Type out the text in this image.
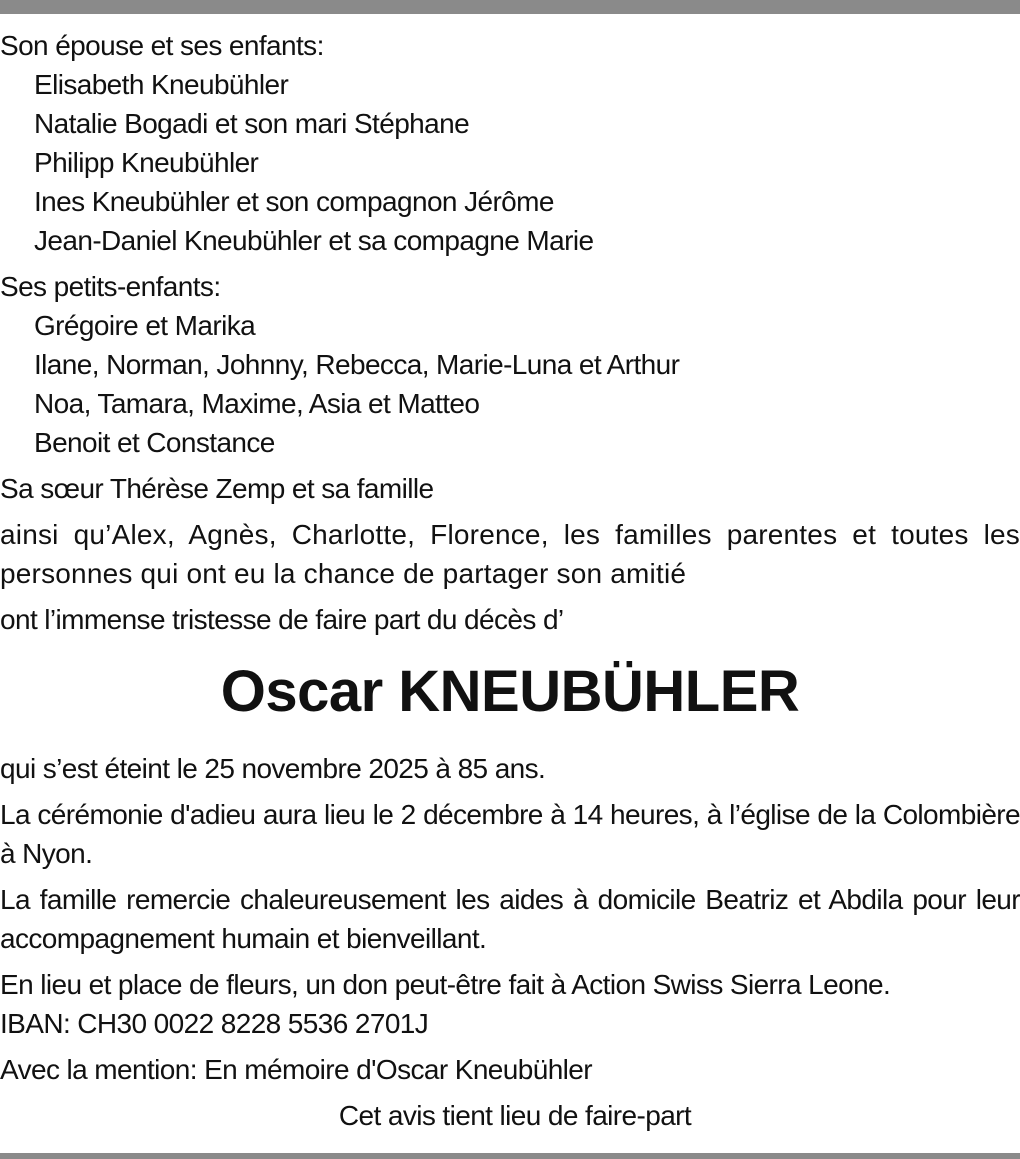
Son épouse et ses enfants:
Elisabeth Kneubühler
Natalie Bogadi et son mari Stéphane
Philipp Kneubühler
Ines Kneubühler et son compagnon Jérôme
Jean-Daniel Kneubühler et sa compagne Marie
Ses petits-enfants:
Grégoire et Marika
Ilane, Norman, Johnny, Rebecca, Marie-Luna et Arthur
Noa, Tamara, Maxime, Asia et Matteo
Benoit et Constance
Sa sœur Thérèse Zemp et sa famille
ainsi qu’Alex, Agnès, Charlotte, Florence, les familles parentes et toutes les personnes qui ont eu la chance de partager son amitié
ont l’immense tristesse de faire part du décès d’
Oscar KNEUBÜHLER
qui s’est éteint le 25 novembre 2025 à 85 ans.
La cérémonie d'adieu aura lieu le 2 décembre à 14 heures, à l’église de la Colombière à Nyon.
La famille remercie chaleureusement les aides à domicile Beatriz et Abdila pour leur accompagnement humain et bienveillant.
En lieu et place de fleurs, un don peut-être fait à Action Swiss Sierra Leone.
IBAN: CH30 0022 8228 5536 2701J
Avec la mention: En mémoire d'Oscar Kneubühler
Cet avis tient lieu de faire-part
